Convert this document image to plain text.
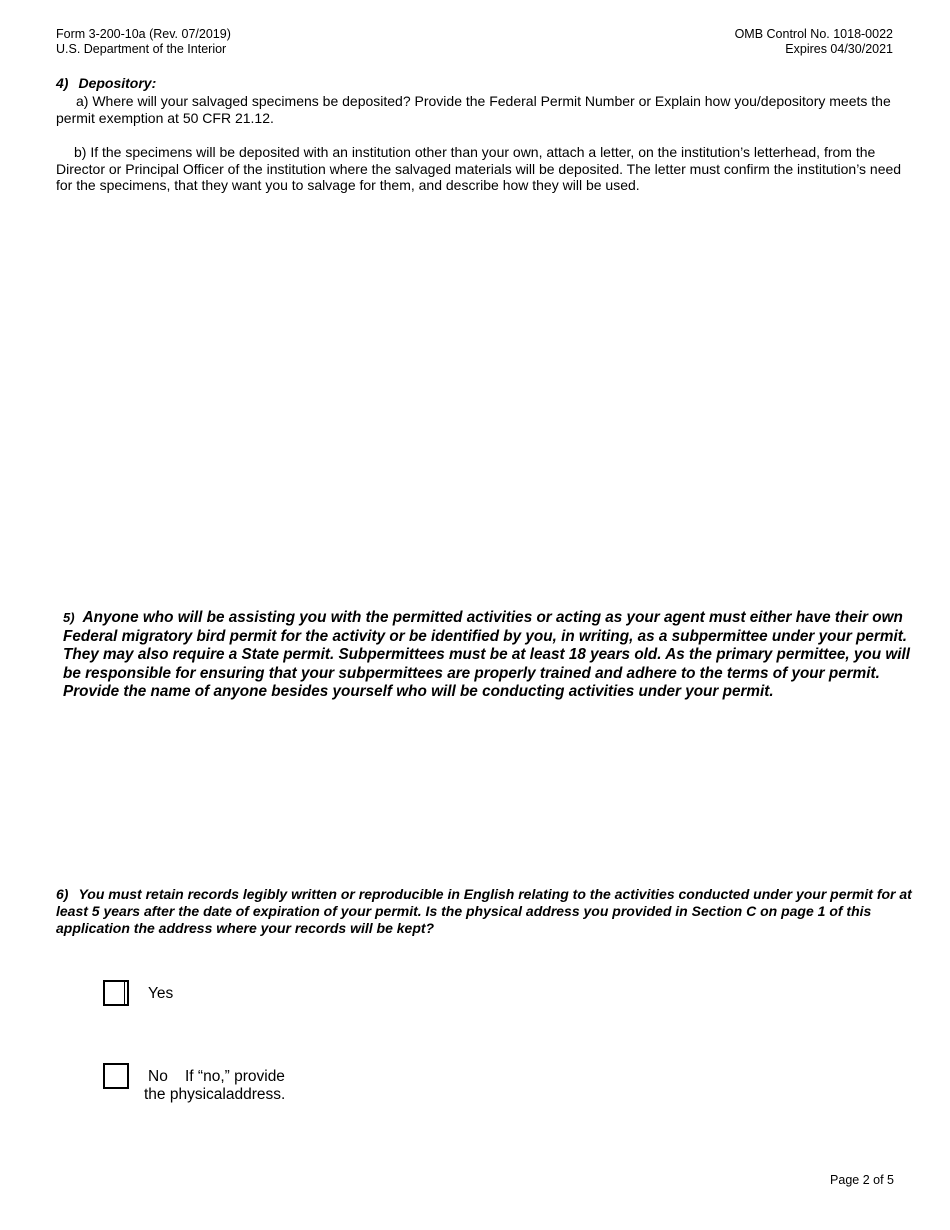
Form 3-200-10a (Rev. 07/2019)
U.S. Department of the Interior
OMB Control No. 1018-0022
Expires 04/30/2021
4) Depository:
a) Where will your salvaged specimens be deposited? Provide the Federal Permit Number or Explain how you/depository meets the permit exemption at 50 CFR 21.12.
b) If the specimens will be deposited with an institution other than your own, attach a letter, on the institution’s letterhead, from the Director or Principal Officer of the institution where the salvaged materials will be deposited. The letter must confirm the institution’s need for the specimens, that they want you to salvage for them, and describe how they will be used.
5) Anyone who will be assisting you with the permitted activities or acting as your agent must either have their own Federal migratory bird permit for the activity or be identified by you, in writing, as a subpermittee under your permit. They may also require a State permit. Subpermittees must be at least 18 years old. As the primary permittee, you will be responsible for ensuring that your subpermittees are properly trained and adhere to the terms of your permit. Provide the name of anyone besides yourself who will be conducting activities under your permit.
6) You must retain records legibly written or reproducible in English relating to the activities conducted under your permit for at least 5 years after the date of expiration of your permit. Is the physical address you provided in Section C on page 1 of this application the address where your records will be kept?
Yes
No If “no,” provide
the physicaladdress.
Page 2 of 5
